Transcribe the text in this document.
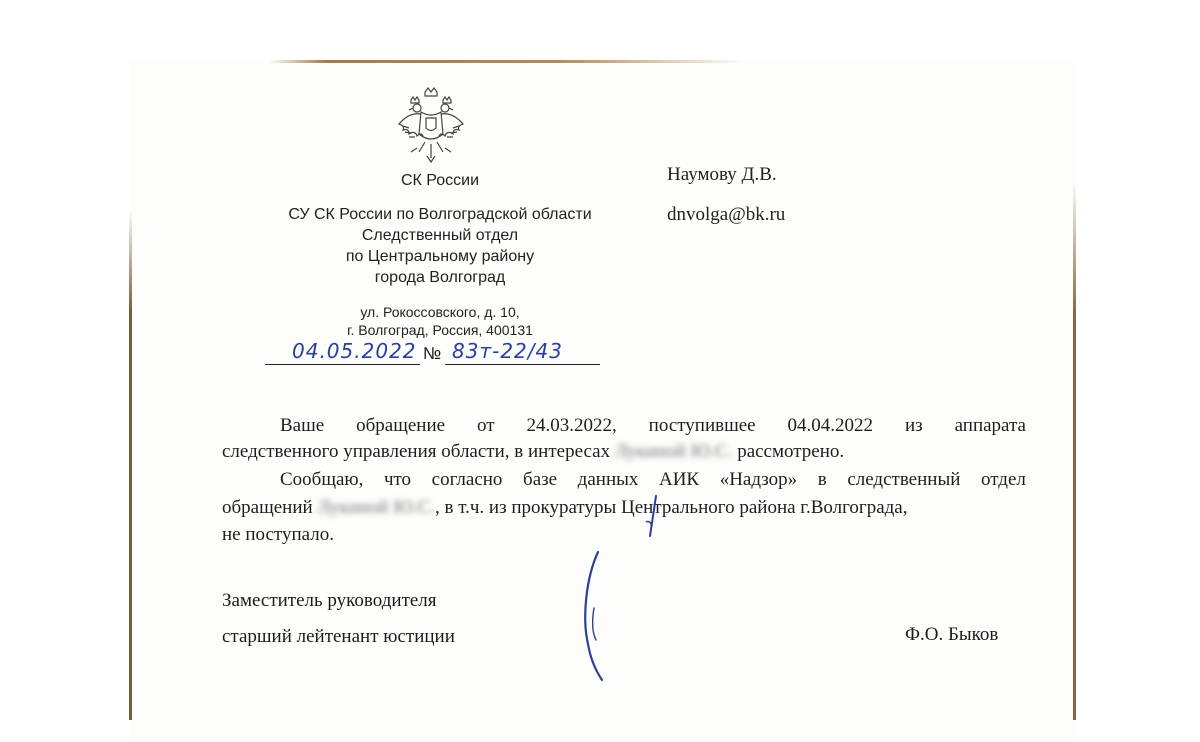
СК России
СУ СК России по Волгоградской области
Следственный отдел
по Центральному району
города Волгоград
ул. Рокоссовского, д. 10,
г. Волгоград, Россия, 400131
04.05.2022 № 83т-22/43
Наумову Д.В.
dnvolga@bk.ru
Ваше обращение от 24.03.2022, поступившее 04.04.2022 из аппарата
следственного управления области, в интересах Лукиной Ю.С. рассмотрено.
Сообщаю, что согласно базе данных АИК «Надзор» в следственный отдел
обращений Лукиной Ю.С., в т.ч. из прокуратуры Центрального района г.Волгограда,
не поступало.
Заместитель руководителя
старший лейтенант юстиции	Ф.О. Быков
